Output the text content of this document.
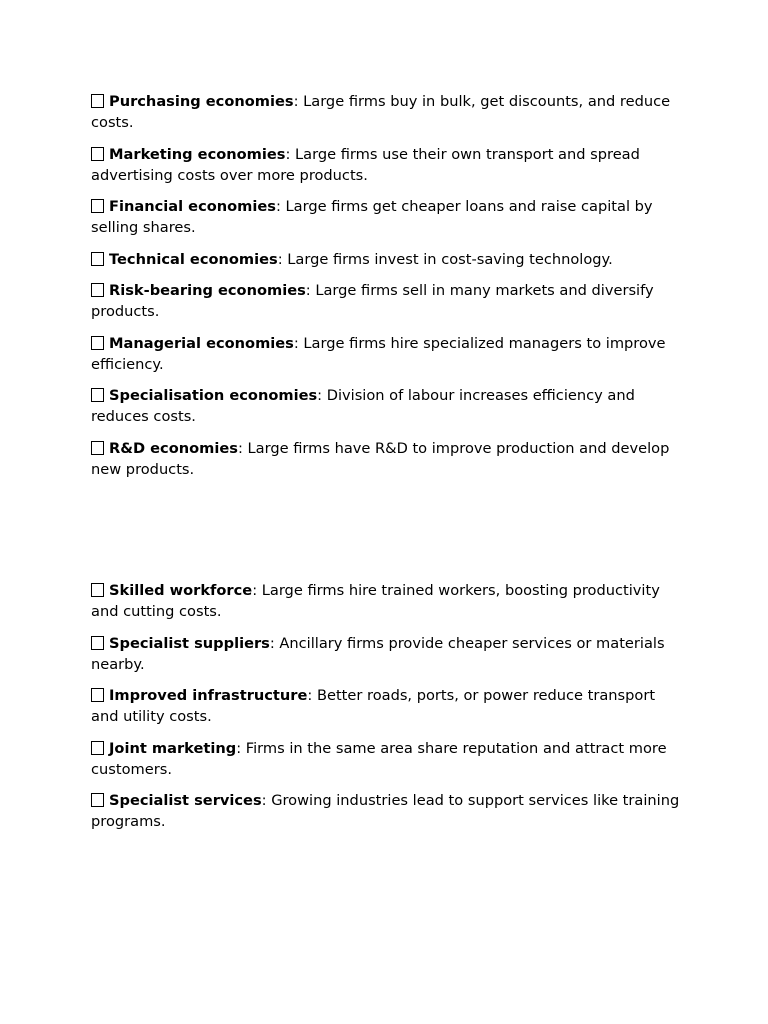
Purchasing economies: Large firms buy in bulk, get discounts, and reduce costs.

Marketing economies: Large firms use their own transport and spread advertising costs over more products.

Financial economies: Large firms get cheaper loans and raise capital by selling shares.

Technical economies: Large firms invest in cost-saving technology.

Risk-bearing economies: Large firms sell in many markets and diversify products.

Managerial economies: Large firms hire specialized managers to improve efficiency.

Specialisation economies: Division of labour increases efficiency and reduces costs.

R&D economies: Large firms have R&D to improve production and develop new products.

Skilled workforce: Large firms hire trained workers, boosting productivity and cutting costs.

Specialist suppliers: Ancillary firms provide cheaper services or materials nearby.

Improved infrastructure: Better roads, ports, or power reduce transport and utility costs.

Joint marketing: Firms in the same area share reputation and attract more customers.

Specialist services: Growing industries lead to support services like training programs.
